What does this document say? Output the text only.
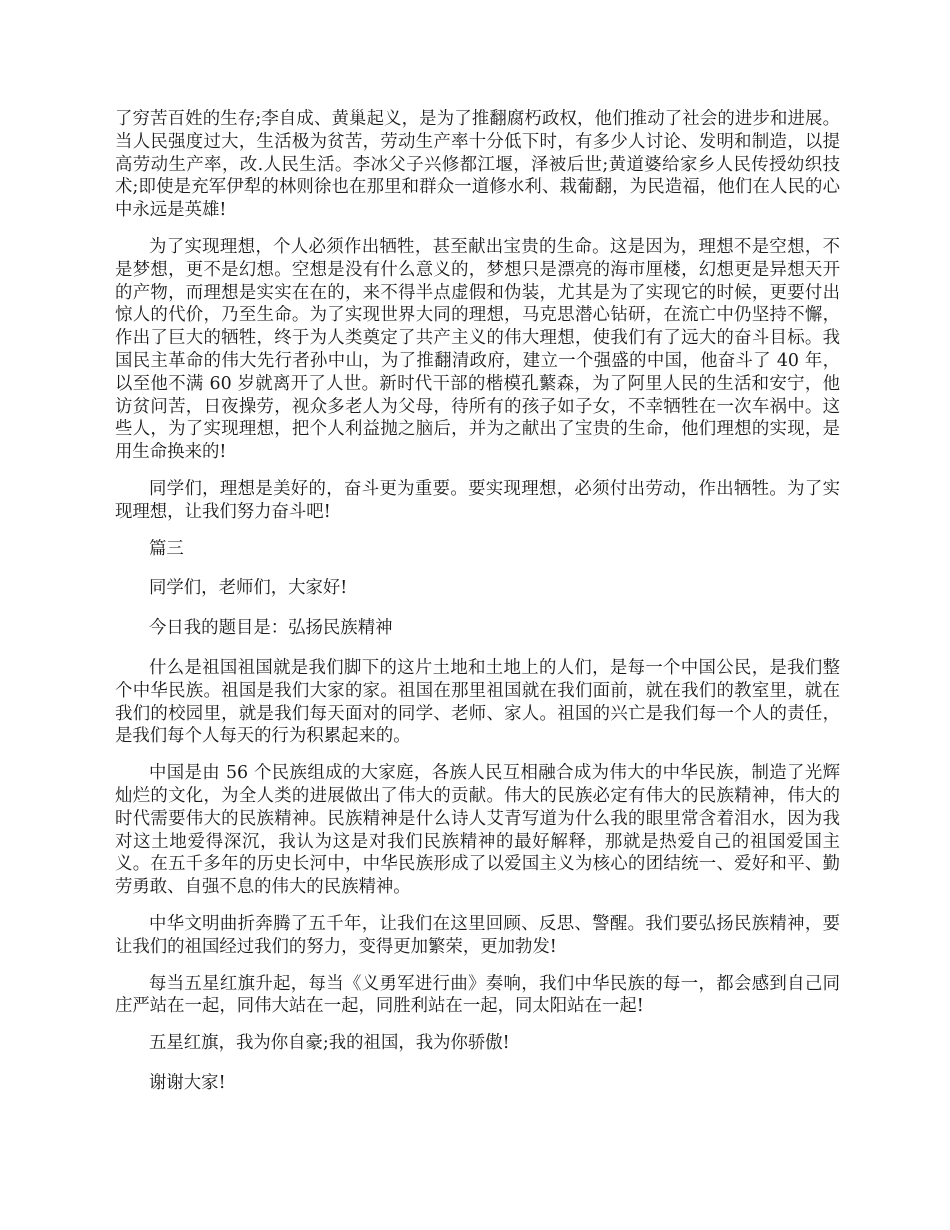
了穷苦百姓的生存;李自成、黄巢起义，是为了推翻腐朽政权，他们推动了社会的进步和进展。当人民强度过大，生活极为贫苦，劳动生产率十分低下时，有多少人讨论、发明和制造，以提高劳动生产率，改.人民生活。李冰父子兴修都江堰，泽被后世;黄道婆给家乡人民传授幼织技术;即使是充军伊犁的林则徐也在那里和群众一道修水利、栽葡翻，为民造福，他们在人民的心中永远是英雄!

为了实现理想，个人必须作出牺牲，甚至献出宝贵的生命。这是因为，理想不是空想，不是梦想，更不是幻想。空想是没有什么意义的，梦想只是漂亮的海市厘楼，幻想更是异想天开的产物，而理想是实实在在的，来不得半点虚假和伪装，尤其是为了实现它的时候，更要付出惊人的代价，乃至生命。为了实现世界大同的理想，马克思潜心钻研，在流亡中仍坚持不懈，作出了巨大的牺牲，终于为人类奠定了共产主义的伟大理想，使我们有了远大的奋斗目标。我国民主革命的伟大先行者孙中山，为了推翻清政府，建立一个强盛的中国，他奋斗了 40 年，以至他不满 60 岁就离开了人世。新时代干部的楷模孔蘩森，为了阿里人民的生活和安宁，他访贫问苦，日夜操劳，视众多老人为父母，待所有的孩子如子女，不幸牺牲在一次车祸中。这些人，为了实现理想，把个人利益抛之脑后，并为之献出了宝贵的生命，他们理想的实现，是用生命换来的!

同学们，理想是美好的，奋斗更为重要。要实现理想，必须付出劳动，作出牺牲。为了实现理想，让我们努力奋斗吧!

篇三

同学们，老师们，大家好!

今日我的题目是：弘扬民族精神

什么是祖国祖国就是我们脚下的这片土地和土地上的人们，是每一个中国公民，是我们整个中华民族。祖国是我们大家的家。祖国在那里祖国就在我们面前，就在我们的教室里，就在我们的校园里，就是我们每天面对的同学、老师、家人。祖国的兴亡是我们每一个人的责任，是我们每个人每天的行为积累起来的。

中国是由 56 个民族组成的大家庭，各族人民互相融合成为伟大的中华民族，制造了光辉灿烂的文化，为全人类的进展做出了伟大的贡献。伟大的民族必定有伟大的民族精神，伟大的时代需要伟大的民族精神。民族精神是什么诗人艾青写道为什么我的眼里常含着泪水，因为我对这土地爱得深沉，我认为这是对我们民族精神的最好解释，那就是热爱自己的祖国爱国主义。在五千多年的历史长河中，中华民族形成了以爱国主义为核心的团结统一、爱好和平、勤劳勇敢、自强不息的伟大的民族精神。

中华文明曲折奔腾了五千年，让我们在这里回顾、反思、警醒。我们要弘扬民族精神，要让我们的祖国经过我们的努力，变得更加繁荣，更加勃发!

每当五星红旗升起，每当《义勇军进行曲》奏响，我们中华民族的每一，都会感到自己同庄严站在一起，同伟大站在一起，同胜利站在一起，同太阳站在一起!

五星红旗，我为你自豪;我的祖国，我为你骄傲!

谢谢大家!
